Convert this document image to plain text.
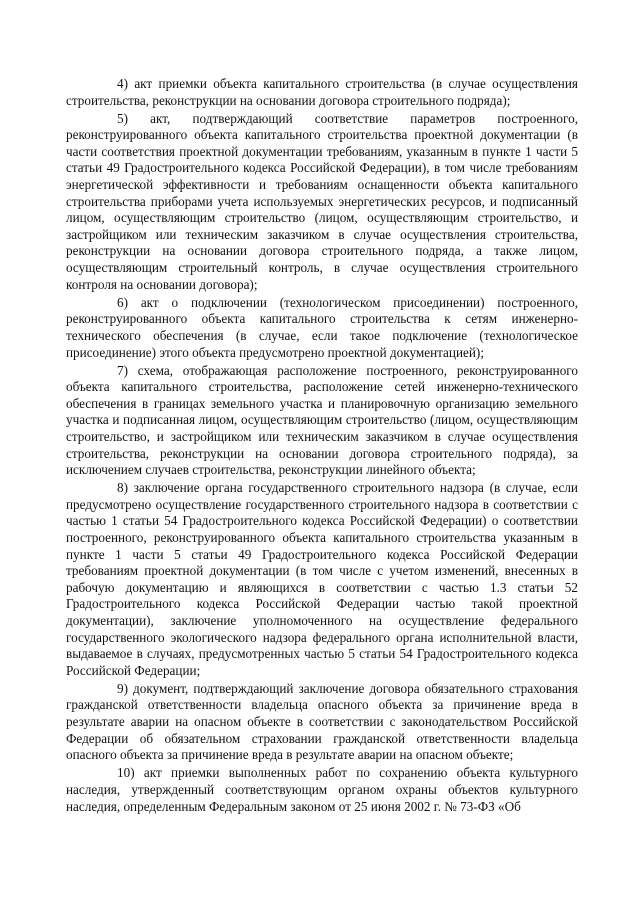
4) акт приемки объекта капитального строительства (в случае осуществления строительства, реконструкции на основании договора строительного подряда);

5) акт, подтверждающий соответствие параметров построенного, реконструированного объекта капитального строительства проектной документации (в части соответствия проектной документации требованиям, указанным в пункте 1 части 5 статьи 49 Градостроительного кодекса Российской Федерации), в том числе требованиям энергетической эффективности и требованиям оснащенности объекта капитального строительства приборами учета используемых энергетических ресурсов, и подписанный лицом, осуществляющим строительство (лицом, осуществляющим строительство, и застройщиком или техническим заказчиком в случае осуществления строительства, реконструкции на основании договора строительного подряда, а также лицом, осуществляющим строительный контроль, в случае осуществления строительного контроля на основании договора);

6) акт о подключении (технологическом присоединении) построенного, реконструированного объекта капитального строительства к сетям инженерно-технического обеспечения (в случае, если такое подключение (технологическое присоединение) этого объекта предусмотрено проектной документацией);

7) схема, отображающая расположение построенного, реконструированного объекта капитального строительства, расположение сетей инженерно-технического обеспечения в границах земельного участка и планировочную организацию земельного участка и подписанная лицом, осуществляющим строительство (лицом, осуществляющим строительство, и застройщиком или техническим заказчиком в случае осуществления строительства, реконструкции на основании договора строительного подряда), за исключением случаев строительства, реконструкции линейного объекта;

8) заключение органа государственного строительного надзора (в случае, если предусмотрено осуществление государственного строительного надзора в соответствии с частью 1 статьи 54 Градостроительного кодекса Российской Федерации) о соответствии построенного, реконструированного объекта капитального строительства указанным в пункте 1 части 5 статьи 49 Градостроительного кодекса Российской Федерации требованиям проектной документации (в том числе с учетом изменений, внесенных в рабочую документацию и являющихся в соответствии с частью 1.3 статьи 52 Градостроительного кодекса Российской Федерации частью такой проектной документации), заключение уполномоченного на осуществление федерального государственного экологического надзора федерального органа исполнительной власти, выдаваемое в случаях, предусмотренных частью 5 статьи 54 Градостроительного кодекса Российской Федерации;

9) документ, подтверждающий заключение договора обязательного страхования гражданской ответственности владельца опасного объекта за причинение вреда в результате аварии на опасном объекте в соответствии с законодательством Российской Федерации об обязательном страховании гражданской ответственности владельца опасного объекта за причинение вреда в результате аварии на опасном объекте;

10) акт приемки выполненных работ по сохранению объекта культурного наследия, утвержденный соответствующим органом охраны объектов культурного наследия, определенным Федеральным законом от 25 июня 2002 г. № 73-ФЗ «Об
